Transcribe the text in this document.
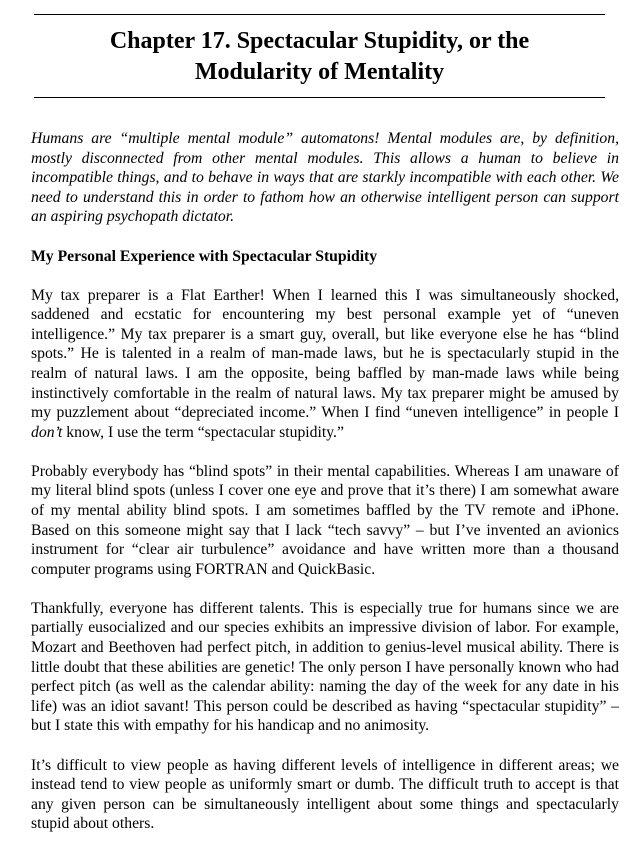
Chapter 17. Spectacular Stupidity, or the
Modularity of Mentality

Humans are “multiple mental module” automatons! Mental modules are, by definition, mostly disconnected from other mental modules. This allows a human to believe in incompatible things, and to behave in ways that are starkly incompatible with each other. We need to understand this in order to fathom how an otherwise intelligent person can support an aspiring psychopath dictator.

My Personal Experience with Spectacular Stupidity

My tax preparer is a Flat Earther! When I learned this I was simultaneously shocked, saddened and ecstatic for encountering my best personal example yet of “uneven intelligence.” My tax preparer is a smart guy, overall, but like everyone else he has “blind spots.” He is talented in a realm of man-made laws, but he is spectacularly stupid in the realm of natural laws. I am the opposite, being baffled by man-made laws while being instinctively comfortable in the realm of natural laws. My tax preparer might be amused by my puzzlement about “depreciated income.” When I find “uneven intelligence” in people I don’t know, I use the term “spectacular stupidity.”

Probably everybody has “blind spots” in their mental capabilities. Whereas I am unaware of my literal blind spots (unless I cover one eye and prove that it’s there) I am somewhat aware of my mental ability blind spots. I am sometimes baffled by the TV remote and iPhone. Based on this someone might say that I lack “tech savvy” – but I’ve invented an avionics instrument for “clear air turbulence” avoidance and have written more than a thousand computer programs using FORTRAN and QuickBasic.

Thankfully, everyone has different talents. This is especially true for humans since we are partially eusocialized and our species exhibits an impressive division of labor. For example, Mozart and Beethoven had perfect pitch, in addition to genius-level musical ability. There is little doubt that these abilities are genetic! The only person I have personally known who had perfect pitch (as well as the calendar ability: naming the day of the week for any date in his life) was an idiot savant! This person could be described as having “spectacular stupidity” – but I state this with empathy for his handicap and no animosity.

It’s difficult to view people as having different levels of intelligence in different areas; we instead tend to view people as uniformly smart or dumb. The difficult truth to accept is that any given person can be simultaneously intelligent about some things and spectacularly stupid about others.
